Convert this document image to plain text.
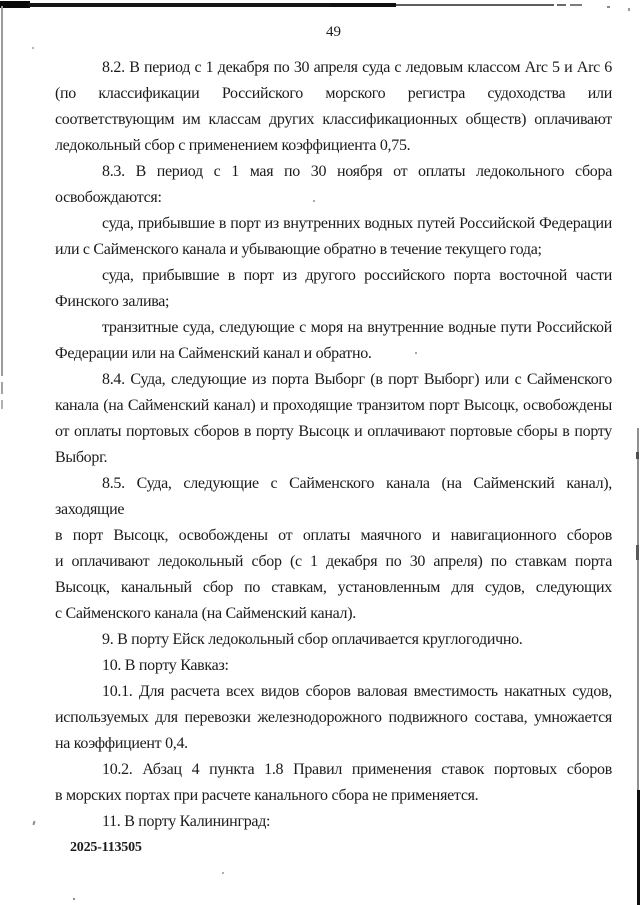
49

8.2. В период с 1 декабря по 30 апреля суда с ледовым классом Arc 5 и Arc 6
(по классификации Российского морского регистра судоходства или
соответствующим им классам других классификационных обществ) оплачивают
ледокольный сбор с применением коэффициента 0,75.

8.3. В период с 1 мая по 30 ноября от оплаты ледокольного сбора
освобождаются:

суда, прибывшие в порт из внутренних водных путей Российской Федерации
или с Сайменского канала и убывающие обратно в течение текущего года;

суда, прибывшие в порт из другого российского порта восточной части
Финского залива;

транзитные суда, следующие с моря на внутренние водные пути Российской
Федерации или на Сайменский канал и обратно.

8.4. Суда, следующие из порта Выборг (в порт Выборг) или с Сайменского
канала (на Сайменский канал) и проходящие транзитом порт Высоцк, освобождены
от оплаты портовых сборов в порту Высоцк и оплачивают портовые сборы в порту
Выборг.

8.5. Суда, следующие с Сайменского канала (на Сайменский канал), заходящие
в порт Высоцк, освобождены от оплаты маячного и навигационного сборов
и оплачивают ледокольный сбор (с 1 декабря по 30 апреля) по ставкам порта
Высоцк, канальный сбор по ставкам, установленным для судов, следующих
с Сайменского канала (на Сайменский канал).

9. В порту Ейск ледокольный сбор оплачивается круглогодично.

10. В порту Кавказ:

10.1. Для расчета всех видов сборов валовая вместимость накатных судов,
используемых для перевозки железнодорожного подвижного состава, умножается
на коэффициент 0,4.

10.2. Абзац 4 пункта 1.8 Правил применения ставок портовых сборов
в морских портах при расчете канального сбора не применяется.

11. В порту Калининград:

2025-113505
